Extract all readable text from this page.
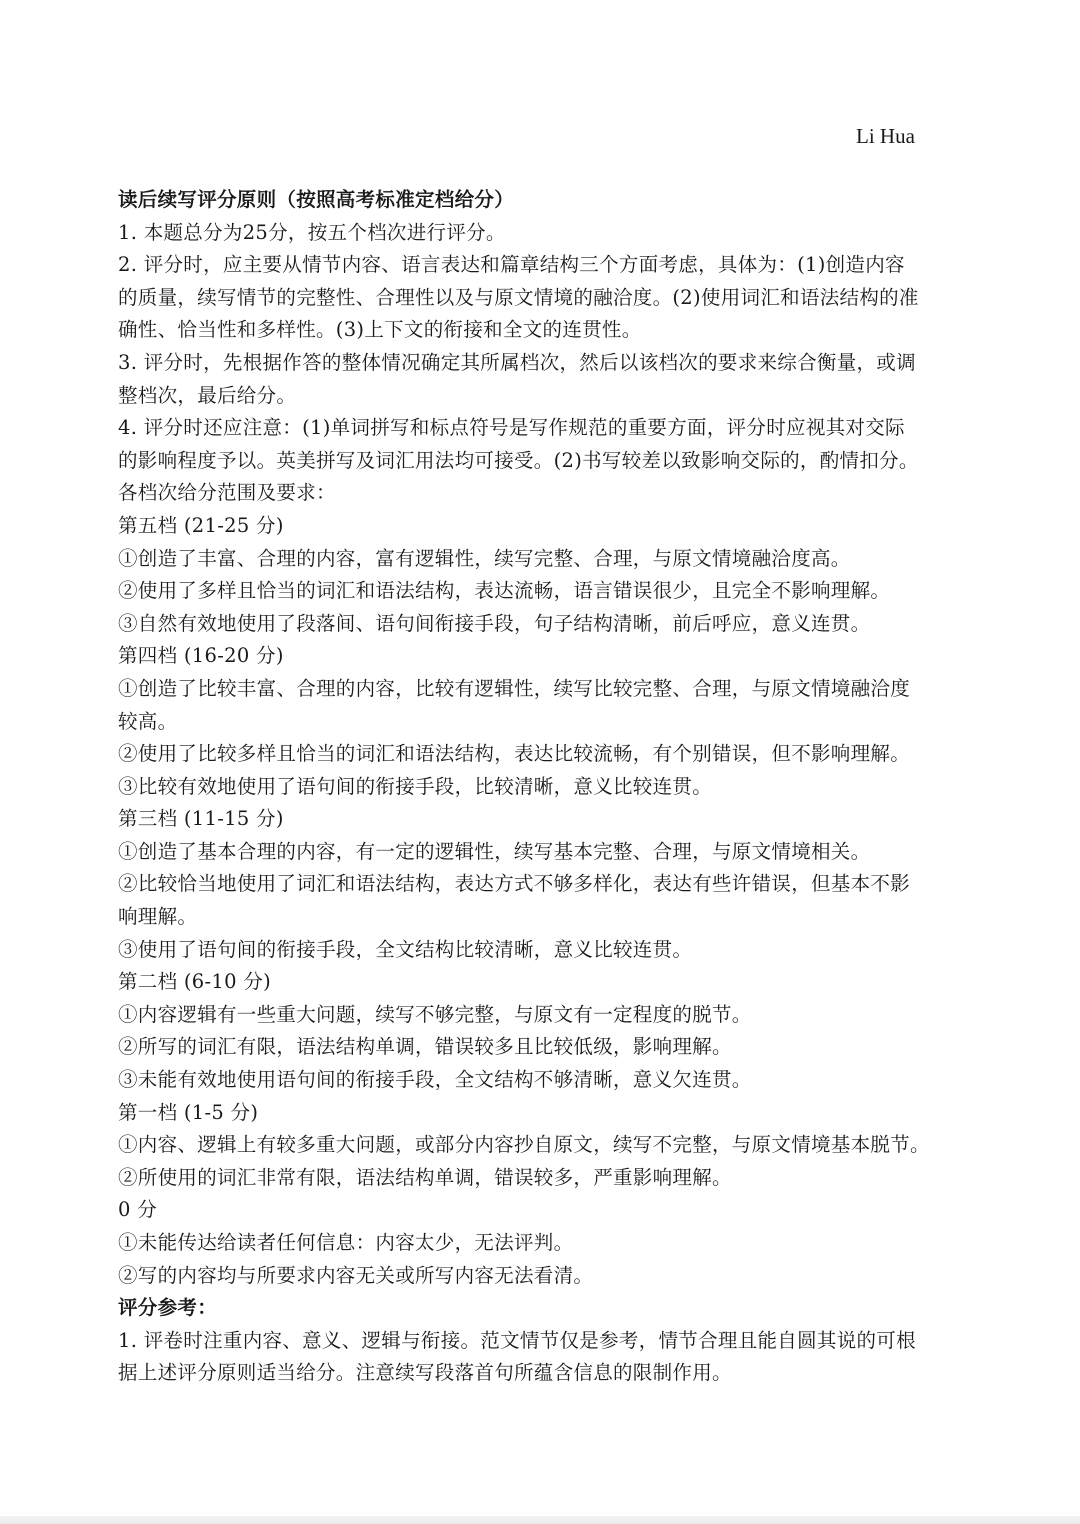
Li Hua
读后续写评分原则（按照高考标准定档给分）
1. 本题总分为25分，按五个档次进行评分。
2. 评分时，应主要从情节内容、语言表达和篇章结构三个方面考虑，具体为：(1)创造内容
的质量，续写情节的完整性、合理性以及与原文情境的融洽度。(2)使用词汇和语法结构的准
确性、恰当性和多样性。(3)上下文的衔接和全文的连贯性。
3. 评分时，先根据作答的整体情况确定其所属档次，然后以该档次的要求来综合衡量，或调
整档次，最后给分。
4. 评分时还应注意：(1)单词拼写和标点符号是写作规范的重要方面，评分时应视其对交际
的影响程度予以。英美拼写及词汇用法均可接受。(2)书写较差以致影响交际的，酌情扣分。
各档次给分范围及要求：
第五档 (21-25 分)
①创造了丰富、合理的内容，富有逻辑性，续写完整、合理，与原文情境融洽度高。
②使用了多样且恰当的词汇和语法结构，表达流畅，语言错误很少，且完全不影响理解。
③自然有效地使用了段落间、语句间衔接手段，句子结构清晰，前后呼应，意义连贯。
第四档 (16-20 分)
①创造了比较丰富、合理的内容，比较有逻辑性，续写比较完整、合理，与原文情境融洽度
较高。
②使用了比较多样且恰当的词汇和语法结构，表达比较流畅，有个别错误，但不影响理解。
③比较有效地使用了语句间的衔接手段，比较清晰，意义比较连贯。
第三档 (11-15 分)
①创造了基本合理的内容，有一定的逻辑性，续写基本完整、合理，与原文情境相关。
②比较恰当地使用了词汇和语法结构，表达方式不够多样化，表达有些许错误，但基本不影
响理解。
③使用了语句间的衔接手段，全文结构比较清晰，意义比较连贯。
第二档 (6-10 分)
①内容逻辑有一些重大问题，续写不够完整，与原文有一定程度的脱节。
②所写的词汇有限，语法结构单调，错误较多且比较低级，影响理解。
③未能有效地使用语句间的衔接手段，全文结构不够清晰，意义欠连贯。
第一档 (1-5 分)
①内容、逻辑上有较多重大问题，或部分内容抄自原文，续写不完整，与原文情境基本脱节。
②所使用的词汇非常有限，语法结构单调，错误较多，严重影响理解。
0 分
①未能传达给读者任何信息：内容太少，无法评判。
②写的内容均与所要求内容无关或所写内容无法看清。
评分参考：
1. 评卷时注重内容、意义、逻辑与衔接。范文情节仅是参考，情节合理且能自圆其说的可根
据上述评分原则适当给分。注意续写段落首句所蕴含信息的限制作用。
